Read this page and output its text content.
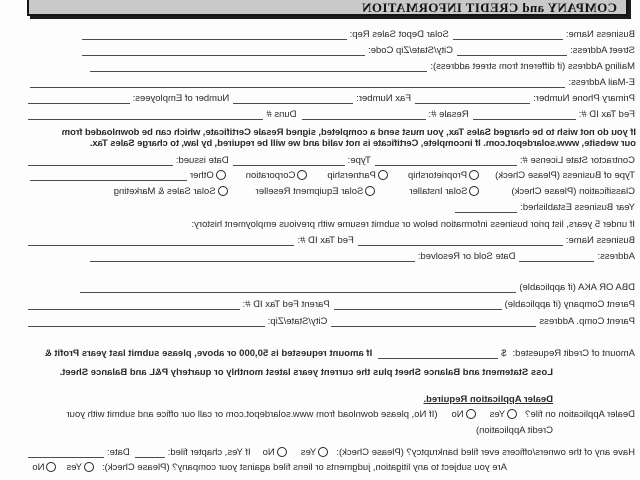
COMPANY and CREDIT INFORMATION
Business Name:
Solar Depot Sales Rep:
Street Address:
City/State/Zip Code:
Mailing Address (if different from street address):
E-Mail Address:
Primary Phone Number:
Fax Number:
Number of Employees:
Fed Tax ID #:
Resale #:
Duns #
If you do not wish to be charged Sales Tax, you must send a completed, signed Resale Certificate, which can be downloaded from
our website, www.solardepot.com. If incomplete, Certificate is not valid and we will be required, by law, to charge Sales Tax.
Contractor State License #:
Type:
Date issued:
Type of Business (Please Check)
Proprietorship
Partnership
Corporation
Other
Classification (Please Check)
Solar Installer
Solar Equipment Reseller
Solar Sales & Marketing
Year Business Established:
If under 5 years, list prior business information below or submit resume with previous employment history:
Business Name:
Fed Tax ID #:
Address:
Date Sold or Resolved:
DBA OR AKA (if applicable)
Parent Company (if applicable)
Parent Fed Tax ID #:
Parent Comp. Address
City/State/Zip:
Amount of Credit Requested:
$
If amount requested is 50,000 or above, please submit last years Profit &
Loss Statement and Balance Sheet plus the current years latest monthly or quarterly P&L and Balance Sheet.
Dealer Application Required.
Dealer Application on file?
Yes
No
(If No, please download from www.solardepot.com or call our office and submit with your
Credit Application)
Have any of the owners/officers ever filed bankruptcy? (Please Check):
Yes
No
If Yes, chapter filed:
Date:
Are you subject to any litigation, judgments or liens filed against your company? (Please Check):
Yes
No
